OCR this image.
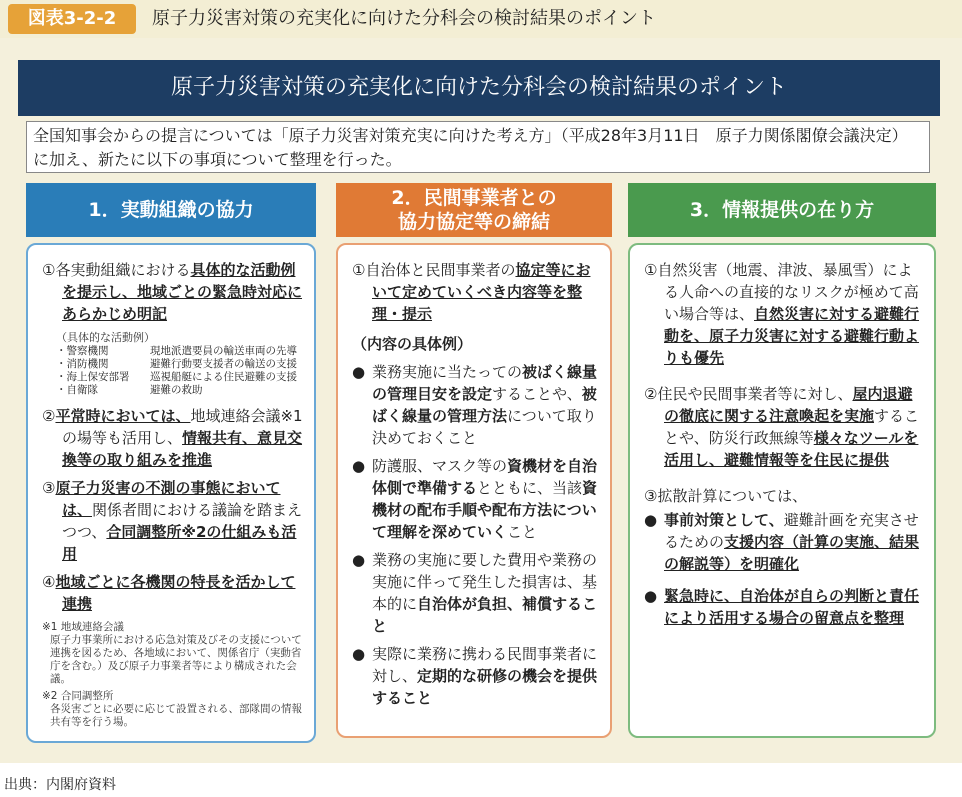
図表3-2-2	原子力災害対策の充実化に向けた分科会の検討結果のポイント
原子力災害対策の充実化に向けた分科会の検討結果のポイント
全国知事会からの提言については「原子力災害対策充実に向けた考え方」（平成28年3月11日　原子力関係閣僚会議決定）に加え、新たに以下の事項について整理を行った。
1．実動組織の協力
①各実動組織における具体的な活動例を提示し、地域ごとの緊急時対応にあらかじめ明記
（具体的な活動例）
・警察機関	現地派遣要員の輸送車両の先導
・消防機関	避難行動要支援者の輸送の支援
・海上保安部署	巡視船艇による住民避難の支援
・自衛隊	避難の救助
②平常時においては、地域連絡会議※1の場等も活用し、情報共有、意見交換等の取り組みを推進
③原子力災害の不測の事態においては、関係者間における議論を踏まえつつ、合同調整所※2の仕組みも活用
④地域ごとに各機関の特長を活かして連携
※1 地域連絡会議
原子力事業所における応急対策及びその支援について連携を図るため、各地域において、関係省庁（実動省庁を含む。）及び原子力事業者等により構成された会議。
※2 合同調整所
各災害ごとに必要に応じて設置される、部隊間の情報共有等を行う場。
2．民間事業者との
協力協定等の締結
①自治体と民間事業者の協定等において定めていくべき内容等を整理・提示
（内容の具体例）
● 業務実施に当たっての被ばく線量の管理目安を設定することや、被ばく線量の管理方法について取り決めておくこと
● 防護服、マスク等の資機材を自治体側で準備するとともに、当該資機材の配布手順や配布方法について理解を深めていくこと
● 業務の実施に要した費用や業務の実施に伴って発生した損害は、基本的に自治体が負担、補償すること
● 実際に業務に携わる民間事業者に対し、定期的な研修の機会を提供すること
3．情報提供の在り方
①自然災害（地震、津波、暴風雪）による人命への直接的なリスクが極めて高い場合等は、自然災害に対する避難行動を、原子力災害に対する避難行動よりも優先
②住民や民間事業者等に対し、屋内退避の徹底に関する注意喚起を実施することや、防災行政無線等様々なツールを活用し、避難情報等を住民に提供
③拡散計算については、
● 事前対策として、避難計画を充実させるための支援内容（計算の実施、結果の解説等）を明確化
● 緊急時に、自治体が自らの判断と責任により活用する場合の留意点を整理
出典：内閣府資料
